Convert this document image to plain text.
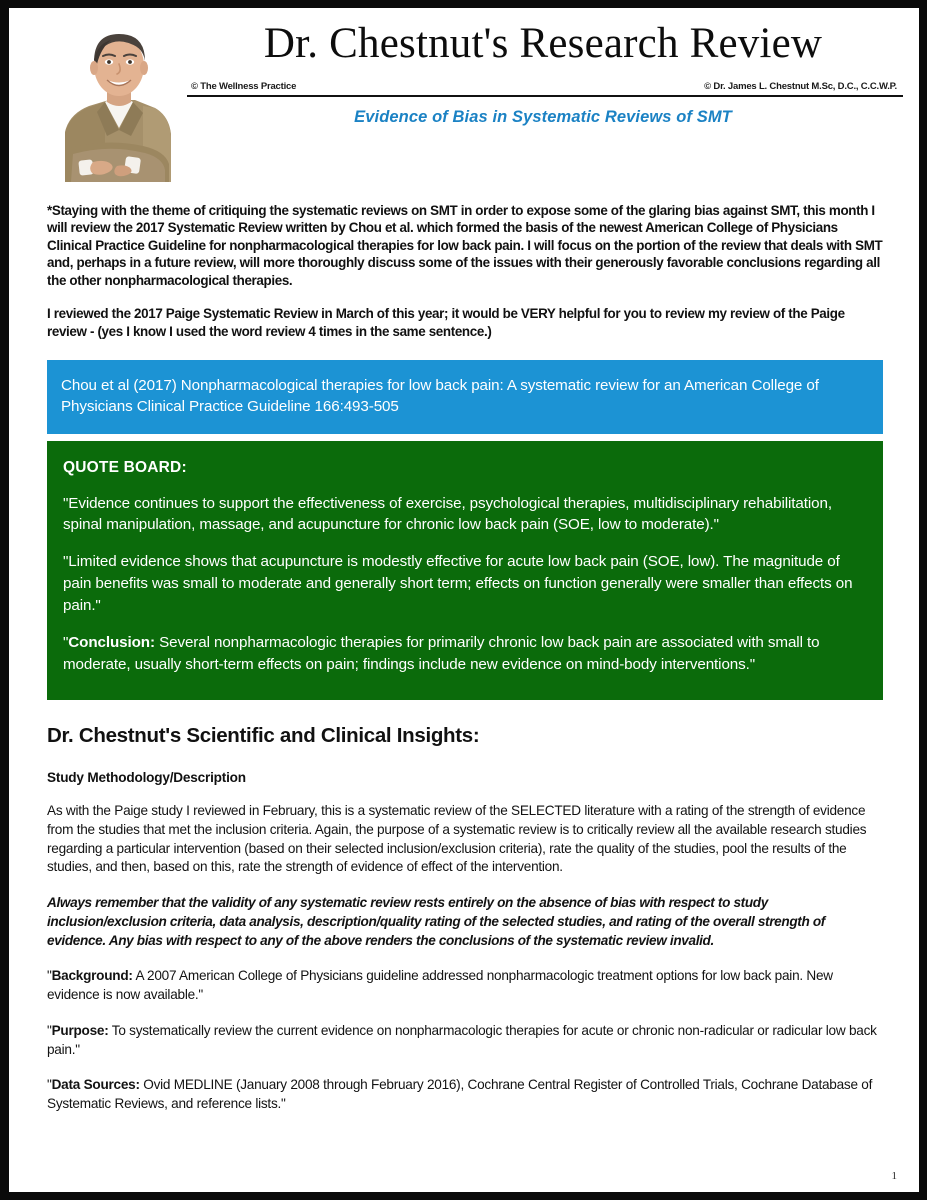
Dr. Chestnut's Research Review
© The Wellness Practice	© Dr. James L. Chestnut M.Sc, D.C., C.C.W.P.
Evidence of Bias in Systematic Reviews of SMT

*Staying with the theme of critiquing the systematic reviews on SMT in order to expose some of the glaring bias against SMT, this month I will review the 2017 Systematic Review written by Chou et al. which formed the basis of the newest American College of Physicians Clinical Practice Guideline for nonpharmacological therapies for low back pain. I will focus on the portion of the review that deals with SMT and, perhaps in a future review, will more thoroughly discuss some of the issues with their generously favorable conclusions regarding all the other nonpharmacological therapies.

I reviewed the 2017 Paige Systematic Review in March of this year; it would be VERY helpful for you to review my review of the Paige review - (yes I know I used the word review 4 times in the same sentence.)

Chou et al (2017) Nonpharmacological therapies for low back pain: A systematic review for an American College of Physicians Clinical Practice Guideline 166:493-505
QUOTE BOARD:

"Evidence continues to support the effectiveness of exercise, psychological therapies, multidisciplinary rehabilitation, spinal manipulation, massage, and acupuncture for chronic low back pain (SOE, low to moderate)."

"Limited evidence shows that acupuncture is modestly effective for acute low back pain (SOE, low). The magnitude of pain benefits was small to moderate and generally short term; effects on function generally were smaller than effects on pain."

"Conclusion: Several nonpharmacologic therapies for primarily chronic low back pain are associated with small to moderate, usually short-term effects on pain; findings include new evidence on mind-body interventions."

Dr. Chestnut's Scientific and Clinical Insights:
Study Methodology/Description

As with the Paige study I reviewed in February, this is a systematic review of the SELECTED literature with a rating of the strength of evidence from the studies that met the inclusion criteria. Again, the purpose of a systematic review is to critically review all the available research studies regarding a particular intervention (based on their selected inclusion/exclusion criteria), rate the quality of the studies, pool the results of the studies, and then, based on this, rate the strength of evidence of effect of the intervention.

Always remember that the validity of any systematic review rests entirely on the absence of bias with respect to study inclusion/exclusion criteria, data analysis, description/quality rating of the selected studies, and rating of the overall strength of evidence. Any bias with respect to any of the above renders the conclusions of the systematic review invalid.

"Background: A 2007 American College of Physicians guideline addressed nonpharmacologic treatment options for low back pain. New evidence is now available."

"Purpose: To systematically review the current evidence on nonpharmacologic therapies for acute or chronic non-radicular or radicular low back pain."

"Data Sources: Ovid MEDLINE (January 2008 through February 2016), Cochrane Central Register of Controlled Trials, Cochrane Database of Systematic Reviews, and reference lists."

1
